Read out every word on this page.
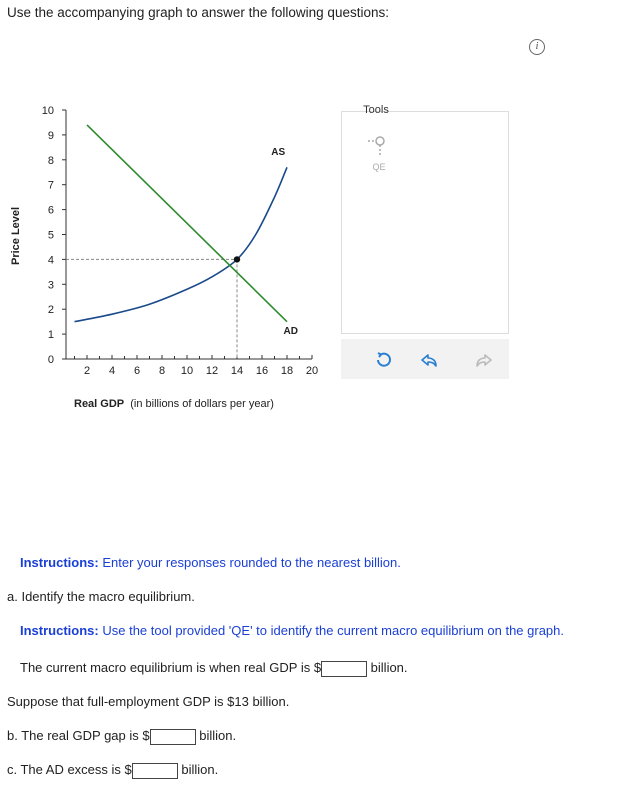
Use the accompanying graph to answer the following questions:
i
Price Level
0
1
2
3
4
5
6
7
8
9
10
2 4 6 8 10 12 14 16 18 20
AS
AD
Real GDP (in billions of dollars per year)
Tools
QE
Instructions: Enter your responses rounded to the nearest billion.
a. Identify the macro equilibrium.
Instructions: Use the tool provided 'QE' to identify the current macro equilibrium on the graph.
The current macro equilibrium is when real GDP is $	billion.
Suppose that full-employment GDP is $13 billion.
b. The real GDP gap is $	billion.
c. The AD excess is $	billion.
